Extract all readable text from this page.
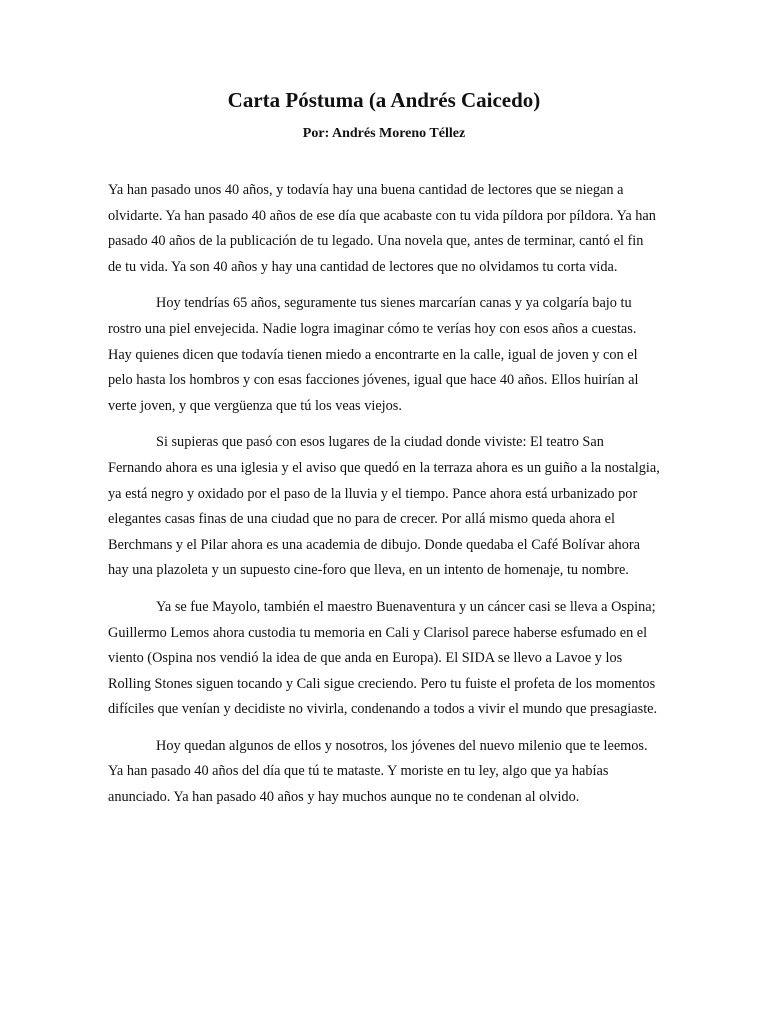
Carta Póstuma (a Andrés Caicedo)

Por: Andrés Moreno Téllez

Ya han pasado unos 40 años, y todavía hay una buena cantidad de lectores que se niegan a olvidarte. Ya han pasado 40 años de ese día que acabaste con tu vida píldora por píldora. Ya han pasado 40 años de la publicación de tu legado. Una novela que, antes de terminar, cantó el fin de tu vida. Ya son 40 años y hay una cantidad de lectores que no olvidamos tu corta vida.

Hoy tendrías 65 años, seguramente tus sienes marcarían canas y ya colgaría bajo tu rostro una piel envejecida. Nadie logra imaginar cómo te verías hoy con esos años a cuestas. Hay quienes dicen que todavía tienen miedo a encontrarte en la calle, igual de joven y con el pelo hasta los hombros y con esas facciones jóvenes, igual que hace 40 años. Ellos huirían al verte joven, y que vergüenza que tú los veas viejos.

Si supieras que pasó con esos lugares de la ciudad donde viviste: El teatro San Fernando ahora es una iglesia y el aviso que quedó en la terraza ahora es un guiño a la nostalgia, ya está negro y oxidado por el paso de la lluvia y el tiempo. Pance ahora está urbanizado por elegantes casas finas de una ciudad que no para de crecer. Por allá mismo queda ahora el Berchmans y el Pilar ahora es una academia de dibujo. Donde quedaba el Café Bolívar ahora hay una plazoleta y un supuesto cine-foro que lleva, en un intento de homenaje, tu nombre.

Ya se fue Mayolo, también el maestro Buenaventura y un cáncer casi se lleva a Ospina; Guillermo Lemos ahora custodia tu memoria en Cali y Clarisol parece haberse esfumado en el viento (Ospina nos vendió la idea de que anda en Europa). El SIDA se llevo a Lavoe y los Rolling Stones siguen tocando y Cali sigue creciendo. Pero tu fuiste el profeta de los momentos difíciles que venían y decidiste no vivirla, condenando a todos a vivir el mundo que presagiaste.

Hoy quedan algunos de ellos y nosotros, los jóvenes del nuevo milenio que te leemos. Ya han pasado 40 años del día que tú te mataste. Y moriste en tu ley, algo que ya habías anunciado. Ya han pasado 40 años y hay muchos aunque no te condenan al olvido.
